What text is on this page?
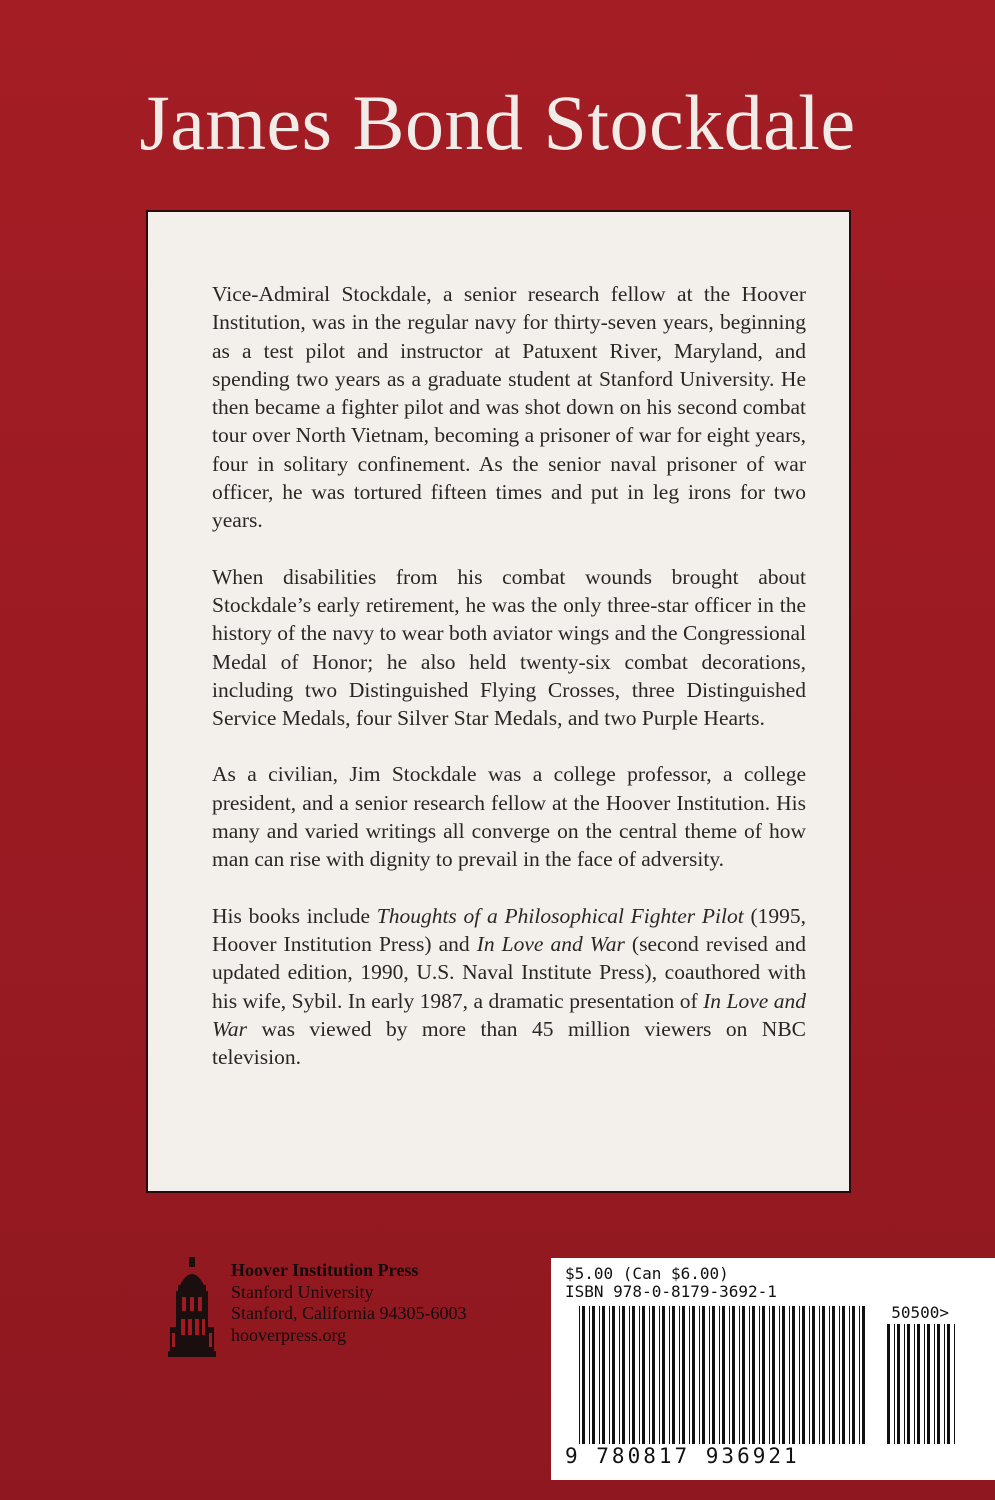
James Bond Stockdale

Vice-Admiral Stockdale, a senior research fellow at the Hoover Institution, was in the regular navy for thirty-seven years, beginning as a test pilot and instructor at Patuxent River, Maryland, and spending two years as a graduate student at Stanford University. He then became a fighter pilot and was shot down on his second combat tour over North Vietnam, becoming a prisoner of war for eight years, four in solitary confinement. As the senior naval prisoner of war officer, he was tortured fifteen times and put in leg irons for two years.

When disabilities from his combat wounds brought about Stockdale’s early retirement, he was the only three-star officer in the history of the navy to wear both aviator wings and the Congressional Medal of Honor; he also held twenty-six combat decorations, including two Distinguished Flying Crosses, three Distinguished Service Medals, four Silver Star Medals, and two Purple Hearts.

As a civilian, Jim Stockdale was a college professor, a college president, and a senior research fellow at the Hoover Institution. His many and varied writings all converge on the central theme of how man can rise with dignity to prevail in the face of adversity.

His books include Thoughts of a Philosophical Fighter Pilot (1995, Hoover Institution Press) and In Love and War (second revised and updated edition, 1990, U.S. Naval Institute Press), coauthored with his wife, Sybil. In early 1987, a dramatic presentation of In Love and War was viewed by more than 45 million viewers on NBC television.

Hoover Institution Press
Stanford University
Stanford, California 94305-6003
hooverpress.org
$5.00 (Can $6.00)
ISBN 978-0-8179-3692-1
50500>
9 780817 936921
